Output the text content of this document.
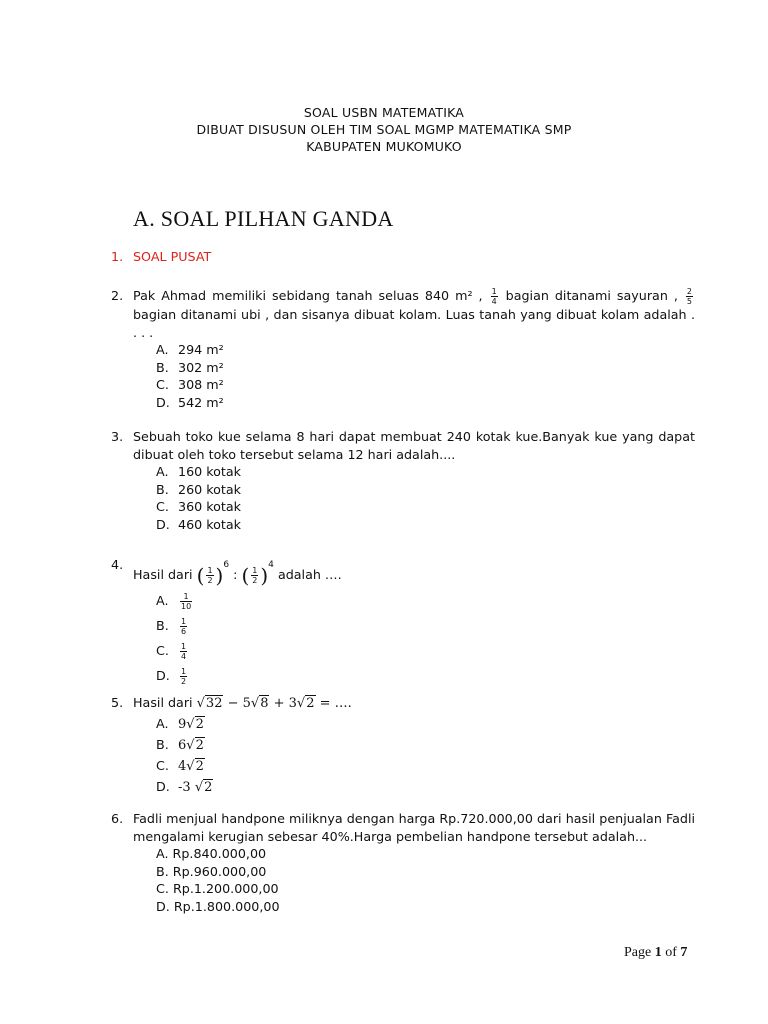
SOAL USBN MATEMATIKA
DIBUAT DISUSUN OLEH TIM SOAL MGMP MATEMATIKA SMP
KABUPATEN MUKOMUKO
A. SOAL PILHAN GANDA
1. SOAL PUSAT
2. Pak Ahmad memiliki sebidang tanah seluas 840 m² , $\frac{1}{4}$ bagian ditanami sayuran , $\frac{2}{5}$
bagian ditanami ubi , dan sisanya dibuat kolam. Luas tanah yang dibuat kolam adalah . . . .
A. 294 m²
B. 302 m²
C. 308 m²
D. 542 m²
3. Sebuah toko kue selama 8 hari dapat membuat 240 kotak kue.Banyak kue yang dapat dibuat oleh toko tersebut selama 12 hari adalah....
A. 160 kotak
B. 260 kotak
C. 360 kotak
D. 460 kotak
4.
Hasil dari ( $\frac{1}{2} )^6$ : ( $\frac{1}{2} )^4$ adalah ….
A. $\frac{1}{10}$
B. $\frac{1}{6}$
C. $\frac{1}{4}$
D. $\frac{1}{2}$
5. Hasil dari √32 − 5√8 + 3√2 = ….
A. 9√2
B. 6√2
C. 4√2
D. -3 √2
6. Fadli menjual handpone miliknya dengan harga Rp.720.000,00 dari hasil penjualan Fadli mengalami kerugian sebesar 40%.Harga pembelian handpone tersebut adalah...
A. Rp.840.000,00
B. Rp.960.000,00
C. Rp.1.200.000,00
D. Rp.1.800.000,00
Page 1 of 7
